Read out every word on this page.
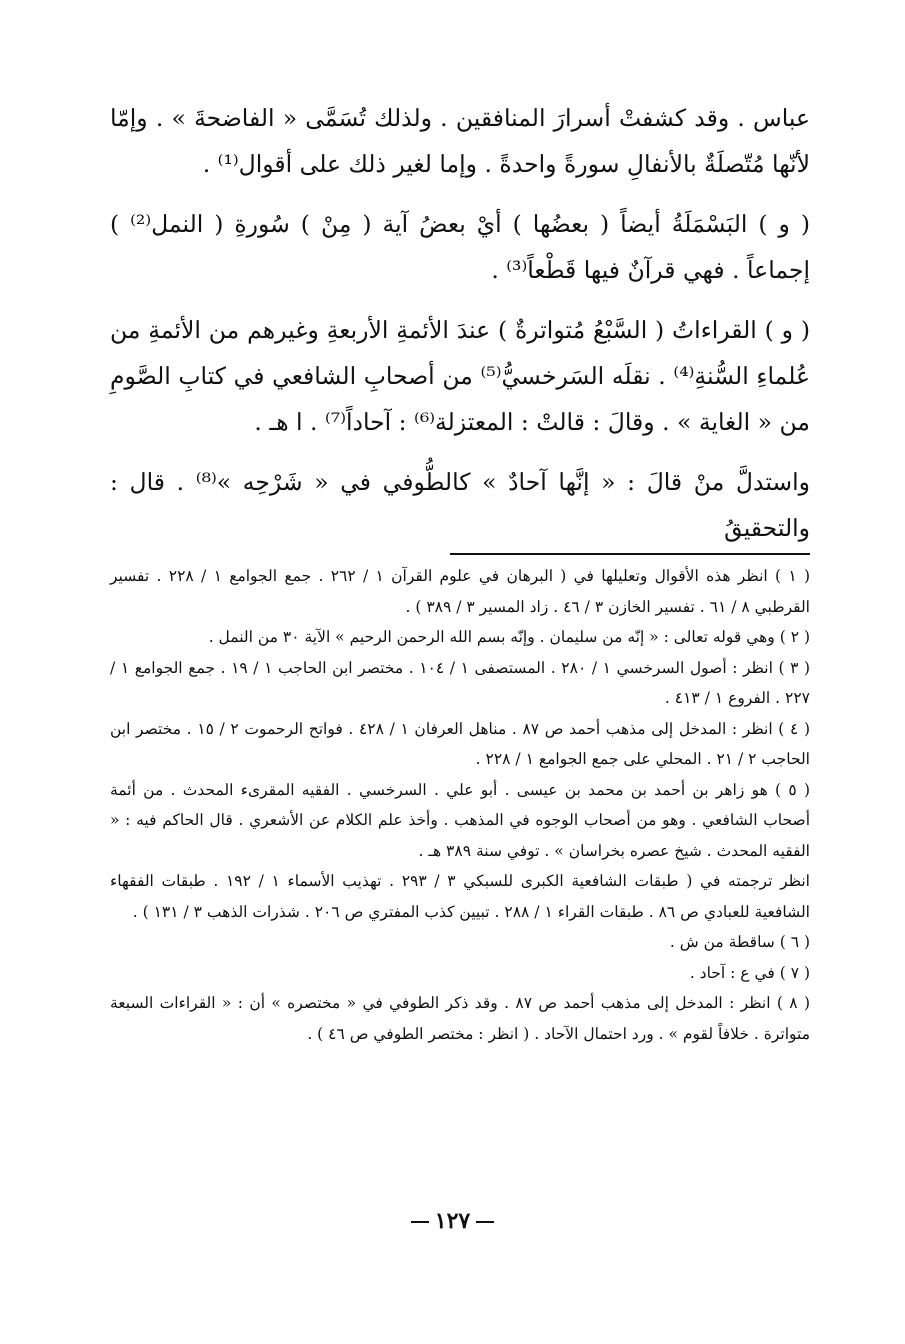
عباس . وقد كشفتْ أسرارَ المنافقين . ولذلك تُسَمَّى « الفاضحةَ » . وإمّا لأنّها مُتّصلَةٌ بالأنفالِ سورةً واحدةً . وإما لغير ذلك على أقوال⁽¹⁾ .

( و ) البَسْمَلَةُ أيضاً ( بعضُها ) أيْ بعضُ آية ( مِنْ ) سُورةِ ( النمل⁽²⁾ ) إجماعاً . فهي قرآنٌ فيها قَطْعاً⁽³⁾ .

( و ) القراءاتُ ( السَّبْعُ مُتواترةٌ ) عندَ الأئمةِ الأربعةِ وغيرهم من الأئمةِ من عُلماءِ السُّنةِ⁽⁴⁾ . نقلَه السَرخسيُّ⁽⁵⁾ من أصحابِ الشافعي في كتابِ الصَّومِ من « الغاية » . وقالَ : قالتْ : المعتزلة⁽⁶⁾ : آحاداً⁽⁷⁾ . ا هـ .

واستدلَّ منْ قالَ : « إنَّها آحادٌ » كالطُّوفي في « شَرْحِه »⁽⁸⁾ . قال : والتحقيقُ

( ١ ) انظر هذه الأقوال وتعليلها في ( البرهان في علوم القرآن ١ / ٢٦٢ . جمع الجوامع ١ / ٢٢٨ . تفسير القرطبي ٨ / ٦١ . تفسير الخازن ٣ / ٤٦ . زاد المسير ٣ / ٣٨٩ ) .

( ٢ ) وهي قوله تعالى : « إنّه من سليمان . وإنّه بسم الله الرحمن الرحيم » الآية ٣٠ من النمل .

( ٣ ) انظر : أصول السرخسي ١ / ٢٨٠ . المستصفى ١ / ١٠٤ . مختصر ابن الحاجب ١ / ١٩ . جمع الجوامع ١ / ٢٢٧ . الفروع ١ / ٤١٣ .

( ٤ ) انظر : المدخل إلى مذهب أحمد ص ٨٧ . مناهل العرفان ١ / ٤٢٨ . فواتح الرحموت ٢ / ١٥ . مختصر ابن الحاجب ٢ / ٢١ . المحلي على جمع الجوامع ١ / ٢٢٨ .

( ٥ ) هو زاهر بن أحمد بن محمد بن عيسى . أبو علي . السرخسي . الفقيه المقرىء المحدث . من أئمة أصحاب الشافعي . وهو من أصحاب الوجوه في المذهب . وأخذ علم الكلام عن الأشعري . قال الحاكم فيه : « الفقيه المحدث . شيخ عصره بخراسان » . توفي سنة ٣٨٩ هـ .

انظر ترجمته في ( طبقات الشافعية الكبرى للسبكي ٣ / ٢٩٣ . تهذيب الأسماء ١ / ١٩٢ . طبقات الفقهاء الشافعية للعبادي ص ٨٦ . طبقات القراء ١ / ٢٨٨ . تبيين كذب المفتري ص ٢٠٦ . شذرات الذهب ٣ / ١٣١ ) .

( ٦ ) ساقطة من ش .

( ٧ ) في ع : آحاد .

( ٨ ) انظر : المدخل إلى مذهب أحمد ص ٨٧ . وقد ذكر الطوفي في « مختصره » أن : « القراءات السبعة متواترة . خلافاً لقوم » . ورد احتمال الآحاد . ( انظر : مختصر الطوفي ص ٤٦ ) .

١٢٧
